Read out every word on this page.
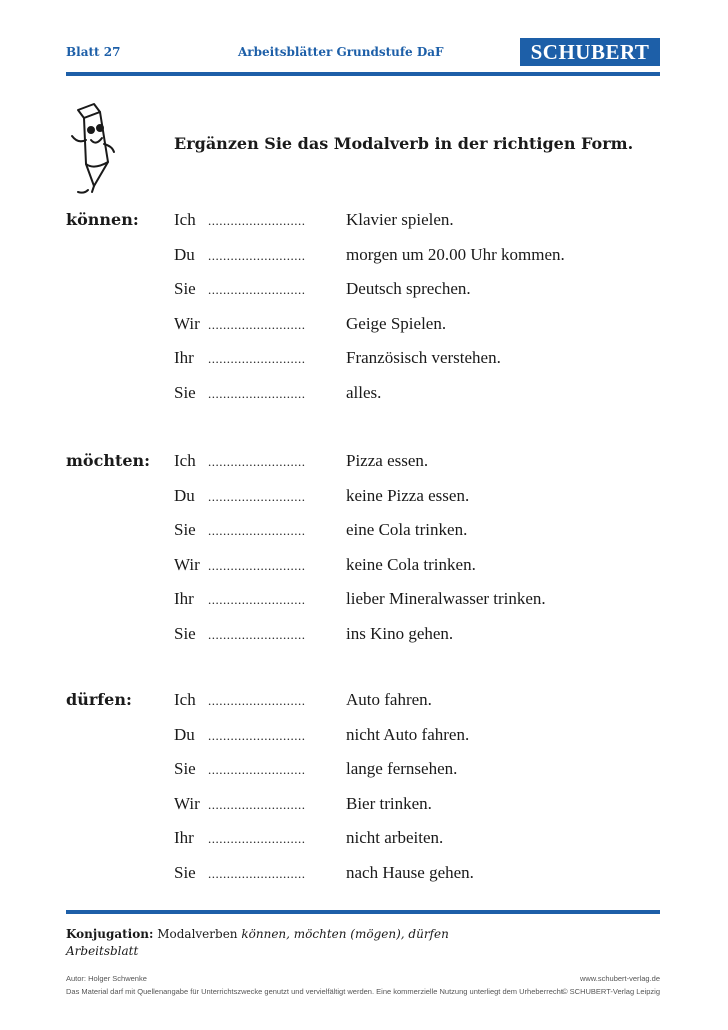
Blatt 27	Arbeitsblätter Grundstufe DaF	SCHUBERT
Ergänzen Sie das Modalverb in der richtigen Form.
können: Ich ..........................	Klavier spielen.
Du ..........................	morgen um 20.00 Uhr kommen.
Sie ..........................	Deutsch sprechen.
Wir ..........................	Geige Spielen.
Ihr ..........................	Französisch verstehen.
Sie ..........................	alles.
möchten: Ich ..........................	Pizza essen.
Du ..........................	keine Pizza essen.
Sie ..........................	eine Cola trinken.
Wir ..........................	keine Cola trinken.
Ihr ..........................	lieber Mineralwasser trinken.
Sie ..........................	ins Kino gehen.
dürfen: Ich ..........................	Auto fahren.
Du ..........................	nicht Auto fahren.
Sie ..........................	lange fernsehen.
Wir ..........................	Bier trinken.
Ihr ..........................	nicht arbeiten.
Sie ..........................	nach Hause gehen.
Konjugation: Modalverben können, möchten (mögen), dürfen
Arbeitsblatt
Autor: Holger Schwenke	www.schubert-verlag.de
Das Material darf mit Quellenangabe für Unterrichtszwecke genutzt und vervielfältigt werden. Eine kommerzielle Nutzung unterliegt dem Urheberrecht.
© SCHUBERT-Verlag Leipzig
